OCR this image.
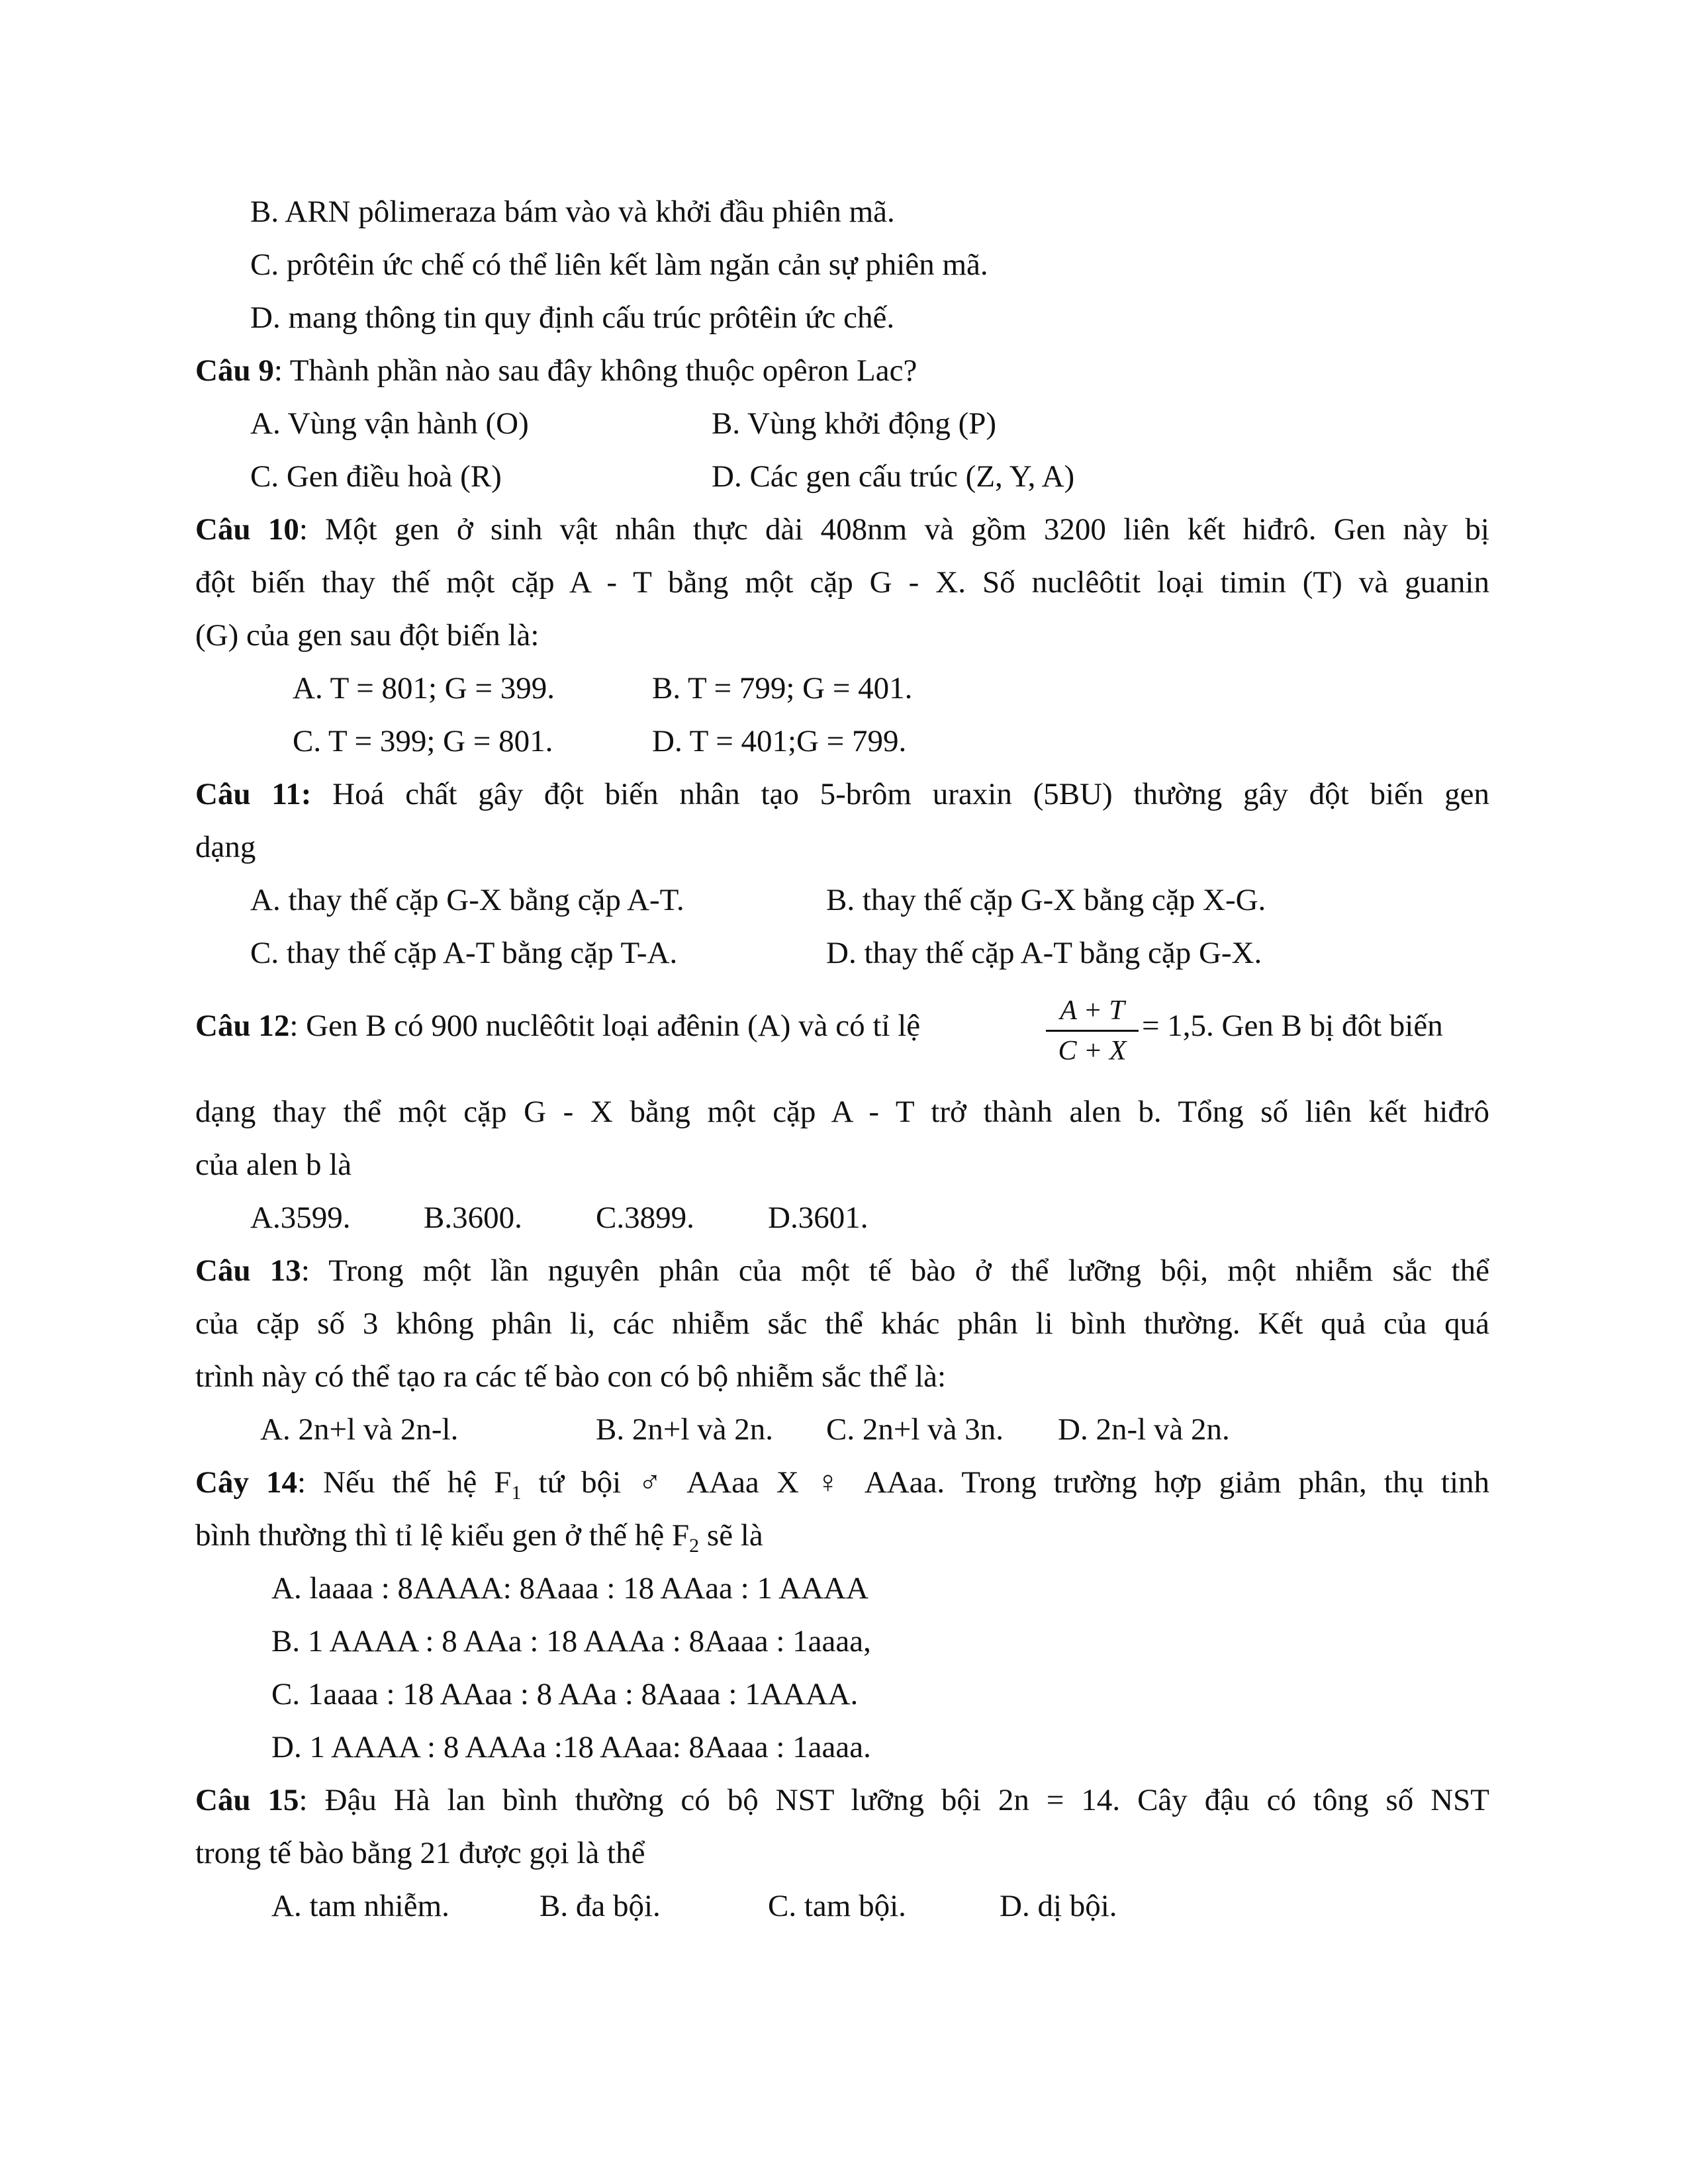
B. ARN pôlimeraza bám vào và khởi đầu phiên mã.
C. prôtêin ức chế có thể liên kết làm ngăn cản sự phiên mã.
D. mang thông tin quy định cấu trúc prôtêin ức chế.
Câu 9: Thành phần nào sau đây không thuộc opêron Lac?
A. Vùng vận hành (O)	B. Vùng khởi động (P)
C. Gen điều hoà (R)	D. Các gen cấu trúc (Z, Y, A)
Câu 10: Một gen ở sinh vật nhân thực dài 408nm và gồm 3200 liên kết hiđrô. Gen này bị
đột biến thay thế một cặp A - T bằng một cặp G - X. Số nuclêôtit loại timin (T) và guanin
(G) của gen sau đột biến là:
A. T = 801; G = 399.	B. T = 799; G = 401.
C. T = 399; G = 801.	D. T = 401;G = 799.
Câu 11: Hoá chất gây đột biến nhân tạo 5-brôm uraxin (5BU) thường gây đột biến gen
dạng
A. thay thế cặp G-X bằng cặp A-T.	B. thay thế cặp G-X bằng cặp X-G.
C. thay thế cặp A-T bằng cặp T-A.	D. thay thế cặp A-T bằng cặp G-X.
Câu 12: Gen B có 900 nuclêôtit loại ađênin (A) và có tỉ lệ	A + T
C + X
= 1,5. Gen B bị đôt biến
dạng thay thể một cặp G - X bằng một cặp A - T trở thành alen b. Tổng số liên kết hiđrô
của alen b là
A.3599. B.3600. C.3899. D.3601.
Câu 13: Trong một lần nguyên phân của một tế bào ở thể lưỡng bội, một nhiễm sắc thể
của cặp số 3 không phân li, các nhiễm sắc thể khác phân li bình thường. Kết quả của quá
trình này có thể tạo ra các tế bào con có bộ nhiễm sắc thể là:
A. 2n+l và 2n-l.	B. 2n+l và 2n. C. 2n+l và 3n. D. 2n-l và 2n.
Cây 14: Nếu thế hệ $F_1$ tứ bội ♂ AAaa X ♀ AAaa. Trong trường hợp giảm phân, thụ tinh
bình thường thì tỉ lệ kiểu gen ở thế hệ $F_2$ sẽ là
A. laaaa : 8AAAA: 8Aaaa : 18 AAaa : 1 AAAA
B. 1 AAAA : 8 AAa : 18 AAAa : 8Aaaa : 1aaaa,
C. 1aaaa : 18 AAaa : 8 AAa : 8Aaaa : 1AAAA.
D. 1 AAAA : 8 AAAa :18 AAaa: 8Aaaa : 1aaaa.
Câu 15: Đậu Hà lan bình thường có bộ NST lưỡng bội 2n = 14. Cây đậu có tông số NST
trong tế bào bằng 21 được gọi là thể
A. tam nhiễm.	B. đa bội.	C. tam bội.	D. dị bội.
